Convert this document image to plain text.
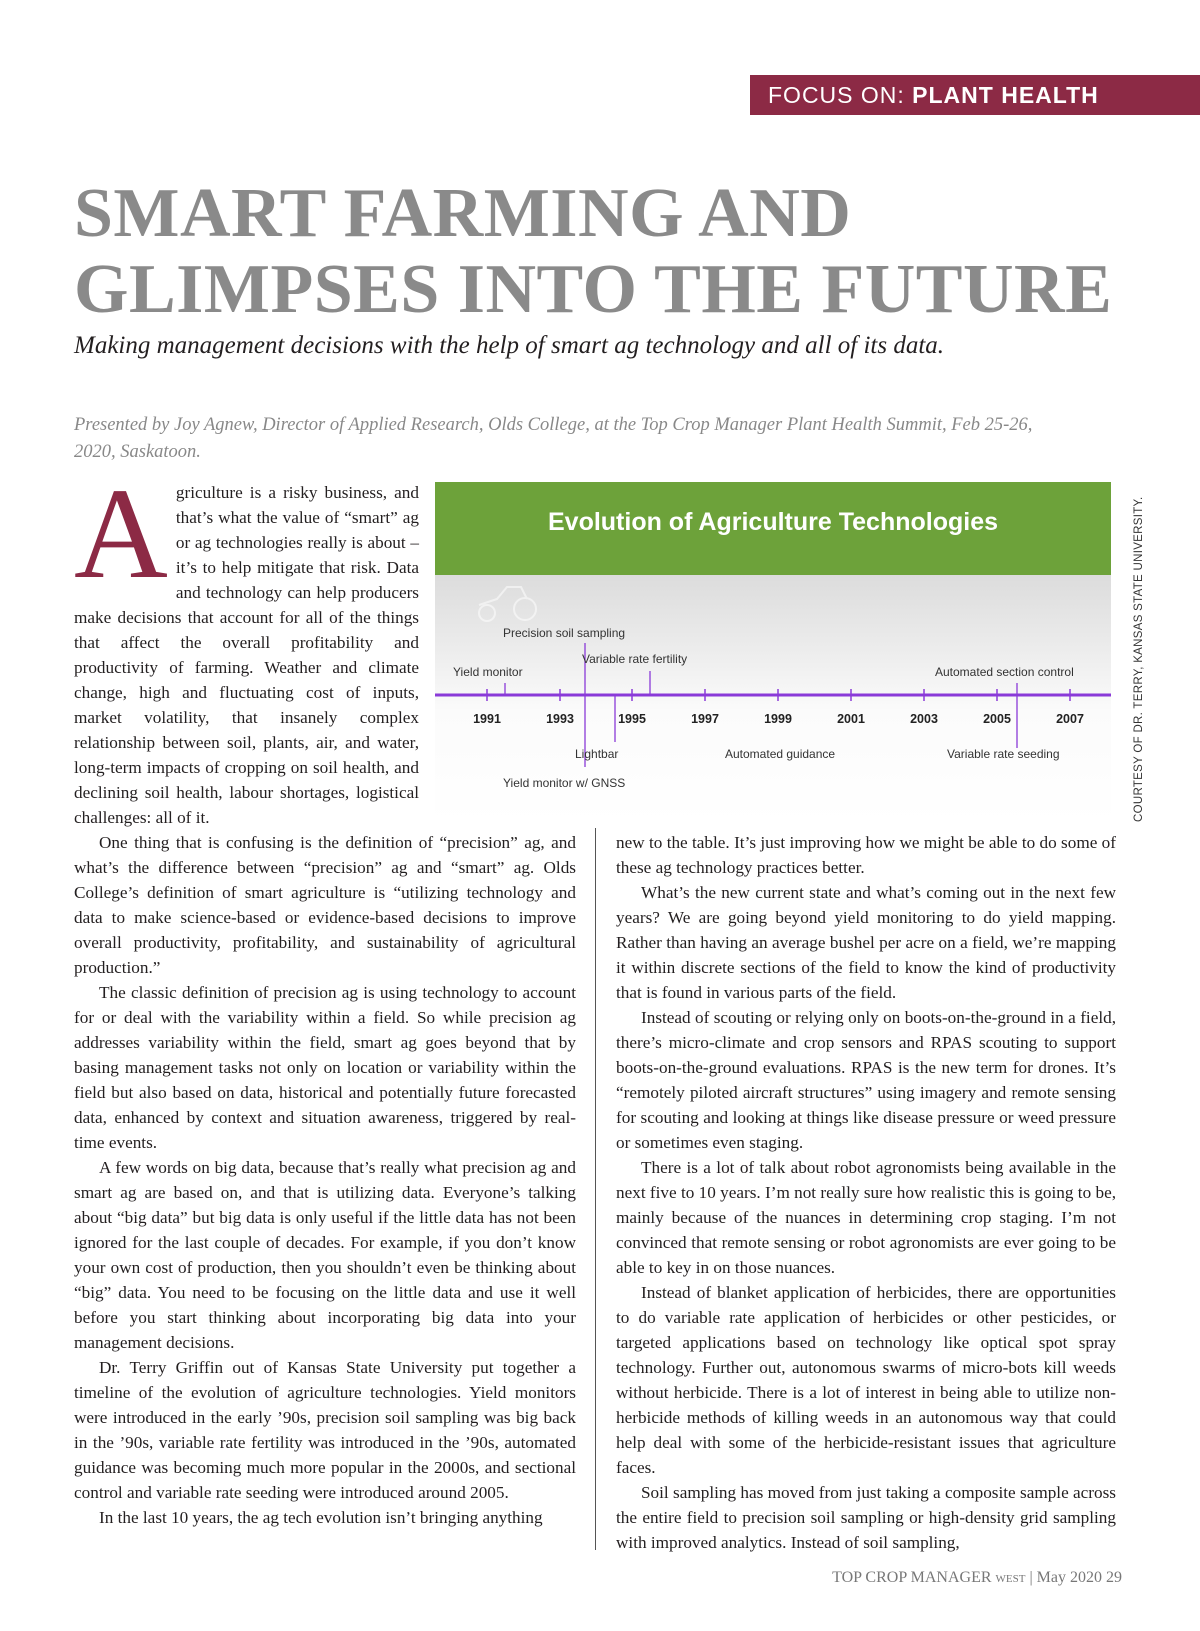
FOCUS ON: PLANT HEALTH
SMART FARMING AND
GLIMPSES INTO THE FUTURE
Making management decisions with the help of smart ag technology and all of its data.
Presented by Joy Agnew, Director of Applied Research, Olds College, at the Top Crop Manager Plant Health Summit, Feb 25-26, 2020, Saskatoon.
A griculture is a risky business, and that’s what the value of “smart” ag or ag technologies really is about – it’s to help mitigate that risk. Data and technology can help producers make decisions that account for all of the things that affect the overall profitability and productivity of farming. Weather and climate change, high and fluctuating cost of inputs, market volatility, that insanely complex relationship between soil, plants, air, and water, long-term impacts of cropping on soil health, and declining soil health, labour shortages, logistical challenges: all of it.
Evolution of Agriculture Technologies
1991	1993	1995	1997	1999	2001	2003	2005	2007
Yield monitor
Precision soil sampling
Variable rate fertility
Automated section control
Lightbar
Yield monitor w/ GNSS
Automated guidance	Variable rate seeding	COURTESY OF DR. TERRY, KANSAS STATE UNIVERSITY.

One thing that is confusing is the definition of “precision” ag, and what’s the difference between “precision” ag and “smart” ag. Olds College’s definition of smart agriculture is “utilizing technology and data to make science-based or evidence-based decisions to improve overall productivity, profitability, and sustainability of agricultural production.”

The classic definition of precision ag is using technology to account for or deal with the variability within a field. So while precision ag addresses variability within the field, smart ag goes beyond that by basing management tasks not only on location or variability within the field but also based on data, historical and potentially future forecasted data, enhanced by context and situation awareness, triggered by real-time events.

A few words on big data, because that’s really what precision ag and smart ag are based on, and that is utilizing data. Everyone’s talking about “big data” but big data is only useful if the little data has not been ignored for the last couple of decades. For example, if you don’t know your own cost of production, then you shouldn’t even be thinking about “big” data. You need to be focusing on the little data and use it well before you start thinking about incorporating big data into your management decisions.

Dr. Terry Griffin out of Kansas State University put together a timeline of the evolution of agriculture technologies. Yield monitors were introduced in the early ’90s, precision soil sampling was big back in the ’90s, variable rate fertility was introduced in the ’90s, automated guidance was becoming much more popular in the 2000s, and sectional control and variable rate seeding were introduced around 2005.

In the last 10 years, the ag tech evolution isn’t bringing anything

new to the table. It’s just improving how we might be able to do some of these ag technology practices better.

What’s the new current state and what’s coming out in the next few years? We are going beyond yield monitoring to do yield mapping. Rather than having an average bushel per acre on a field, we’re mapping it within discrete sections of the field to know the kind of productivity that is found in various parts of the field.

Instead of scouting or relying only on boots-on-the-ground in a field, there’s micro-climate and crop sensors and RPAS scouting to support boots-on-the-ground evaluations. RPAS is the new term for drones. It’s “remotely piloted aircraft structures” using imagery and remote sensing for scouting and looking at things like disease pressure or weed pressure or sometimes even staging.

There is a lot of talk about robot agronomists being available in the next five to 10 years. I’m not really sure how realistic this is going to be, mainly because of the nuances in determining crop staging. I’m not convinced that remote sensing or robot agronomists are ever going to be able to key in on those nuances.

Instead of blanket application of herbicides, there are opportunities to do variable rate application of herbicides or other pesticides, or targeted applications based on technology like optical spot spray technology. Further out, autonomous swarms of micro-bots kill weeds without herbicide. There is a lot of interest in being able to utilize non-herbicide methods of killing weeds in an autonomous way that could help deal with some of the herbicide-resistant issues that agriculture faces.

Soil sampling has moved from just taking a composite sample across the entire field to precision soil sampling or high-density grid sampling with improved analytics. Instead of soil sampling,

TOP CROP MANAGER WEST | May 2020 29
